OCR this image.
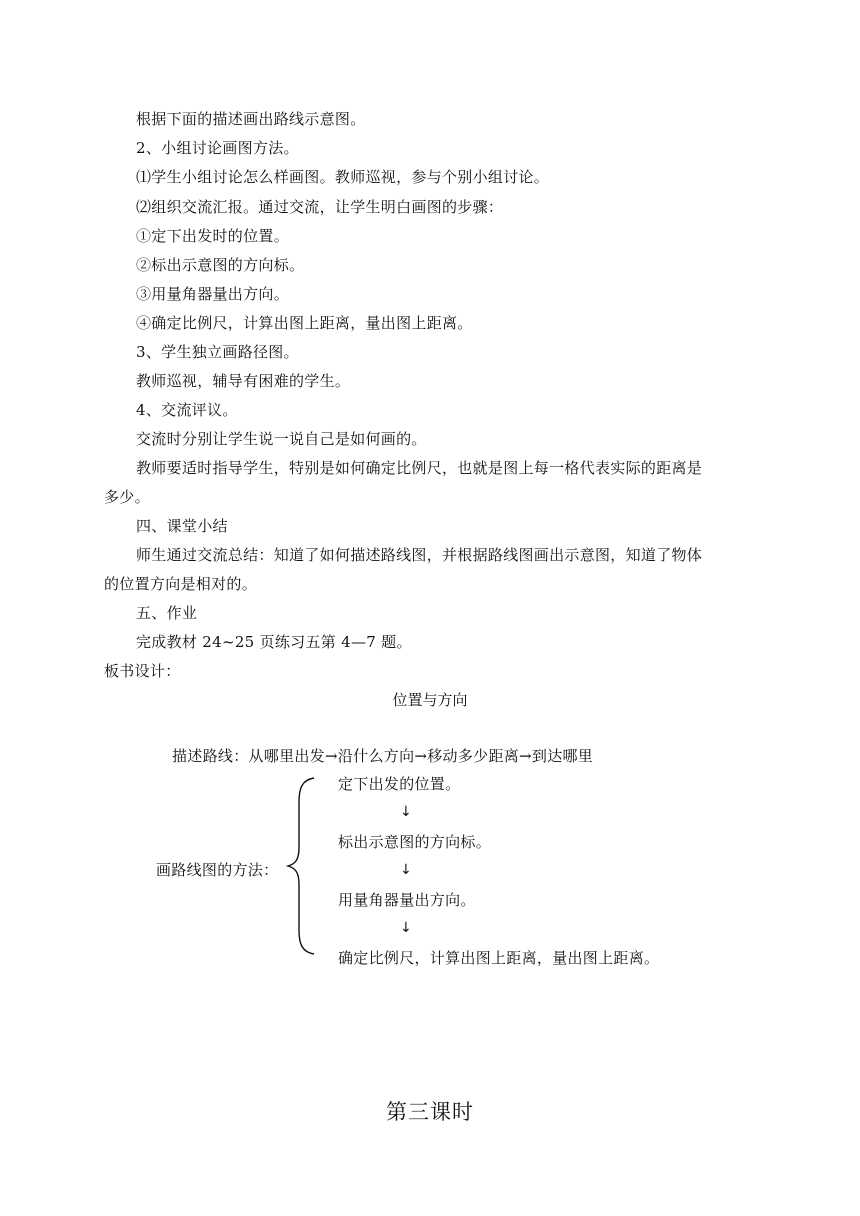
根据下面的描述画出路线示意图。
2、小组讨论画图方法。
⑴学生小组讨论怎么样画图。教师巡视，参与个别小组讨论。
⑵组织交流汇报。通过交流，让学生明白画图的步骤：
①定下出发时的位置。
②标出示意图的方向标。
③用量角器量出方向。
④确定比例尺，计算出图上距离，量出图上距离。
3、学生独立画路径图。
教师巡视，辅导有困难的学生。
4、交流评议。
交流时分别让学生说一说自己是如何画的。
教师要适时指导学生，特别是如何确定比例尺，也就是图上每一格代表实际的距离是
多少。
四、课堂小结
师生通过交流总结：知道了如何描述路线图，并根据路线图画出示意图，知道了物体
的位置方向是相对的。
五、作业
完成教材 24~25 页练习五第 4—7 题。
板书设计：
位置与方向
描述路线：从哪里出发→沿什么方向→移动多少距离→到达哪里
画路线图的方法：
定下出发的位置。
↓
标出示意图的方向标。
↓
用量角器量出方向。
↓
确定比例尺，计算出图上距离，量出图上距离。
第三课时
